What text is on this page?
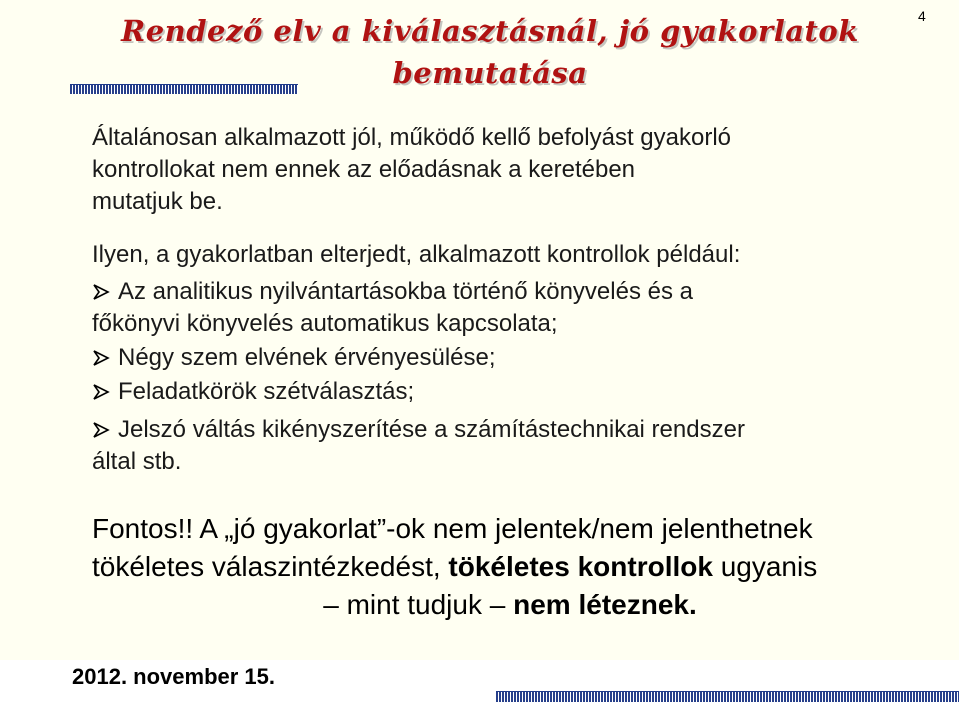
Rendező elv a kiválasztásnál, jó gyakorlatok
bemutatása
4
Általánosan alkalmazott jól, működő kellő befolyást gyakorló
kontrollokat nem ennek az előadásnak a keretében
mutatjuk be.
Ilyen, a gyakorlatban elterjedt, alkalmazott kontrollok például:
Az analitikus nyilvántartásokba történő könyvelés és a
főkönyvi könyvelés automatikus kapcsolata;
Négy szem elvének érvényesülése;
Feladatkörök szétválasztás;
Jelszó váltás kikényszerítése a számítástechnikai rendszer
által stb.
Fontos!! A „jó gyakorlat”-ok nem jelentek/nem jelenthetnek
tökéletes válaszintézkedést, tökéletes kontrollok ugyanis
– mint tudjuk – nem léteznek.
2012. november 15.
